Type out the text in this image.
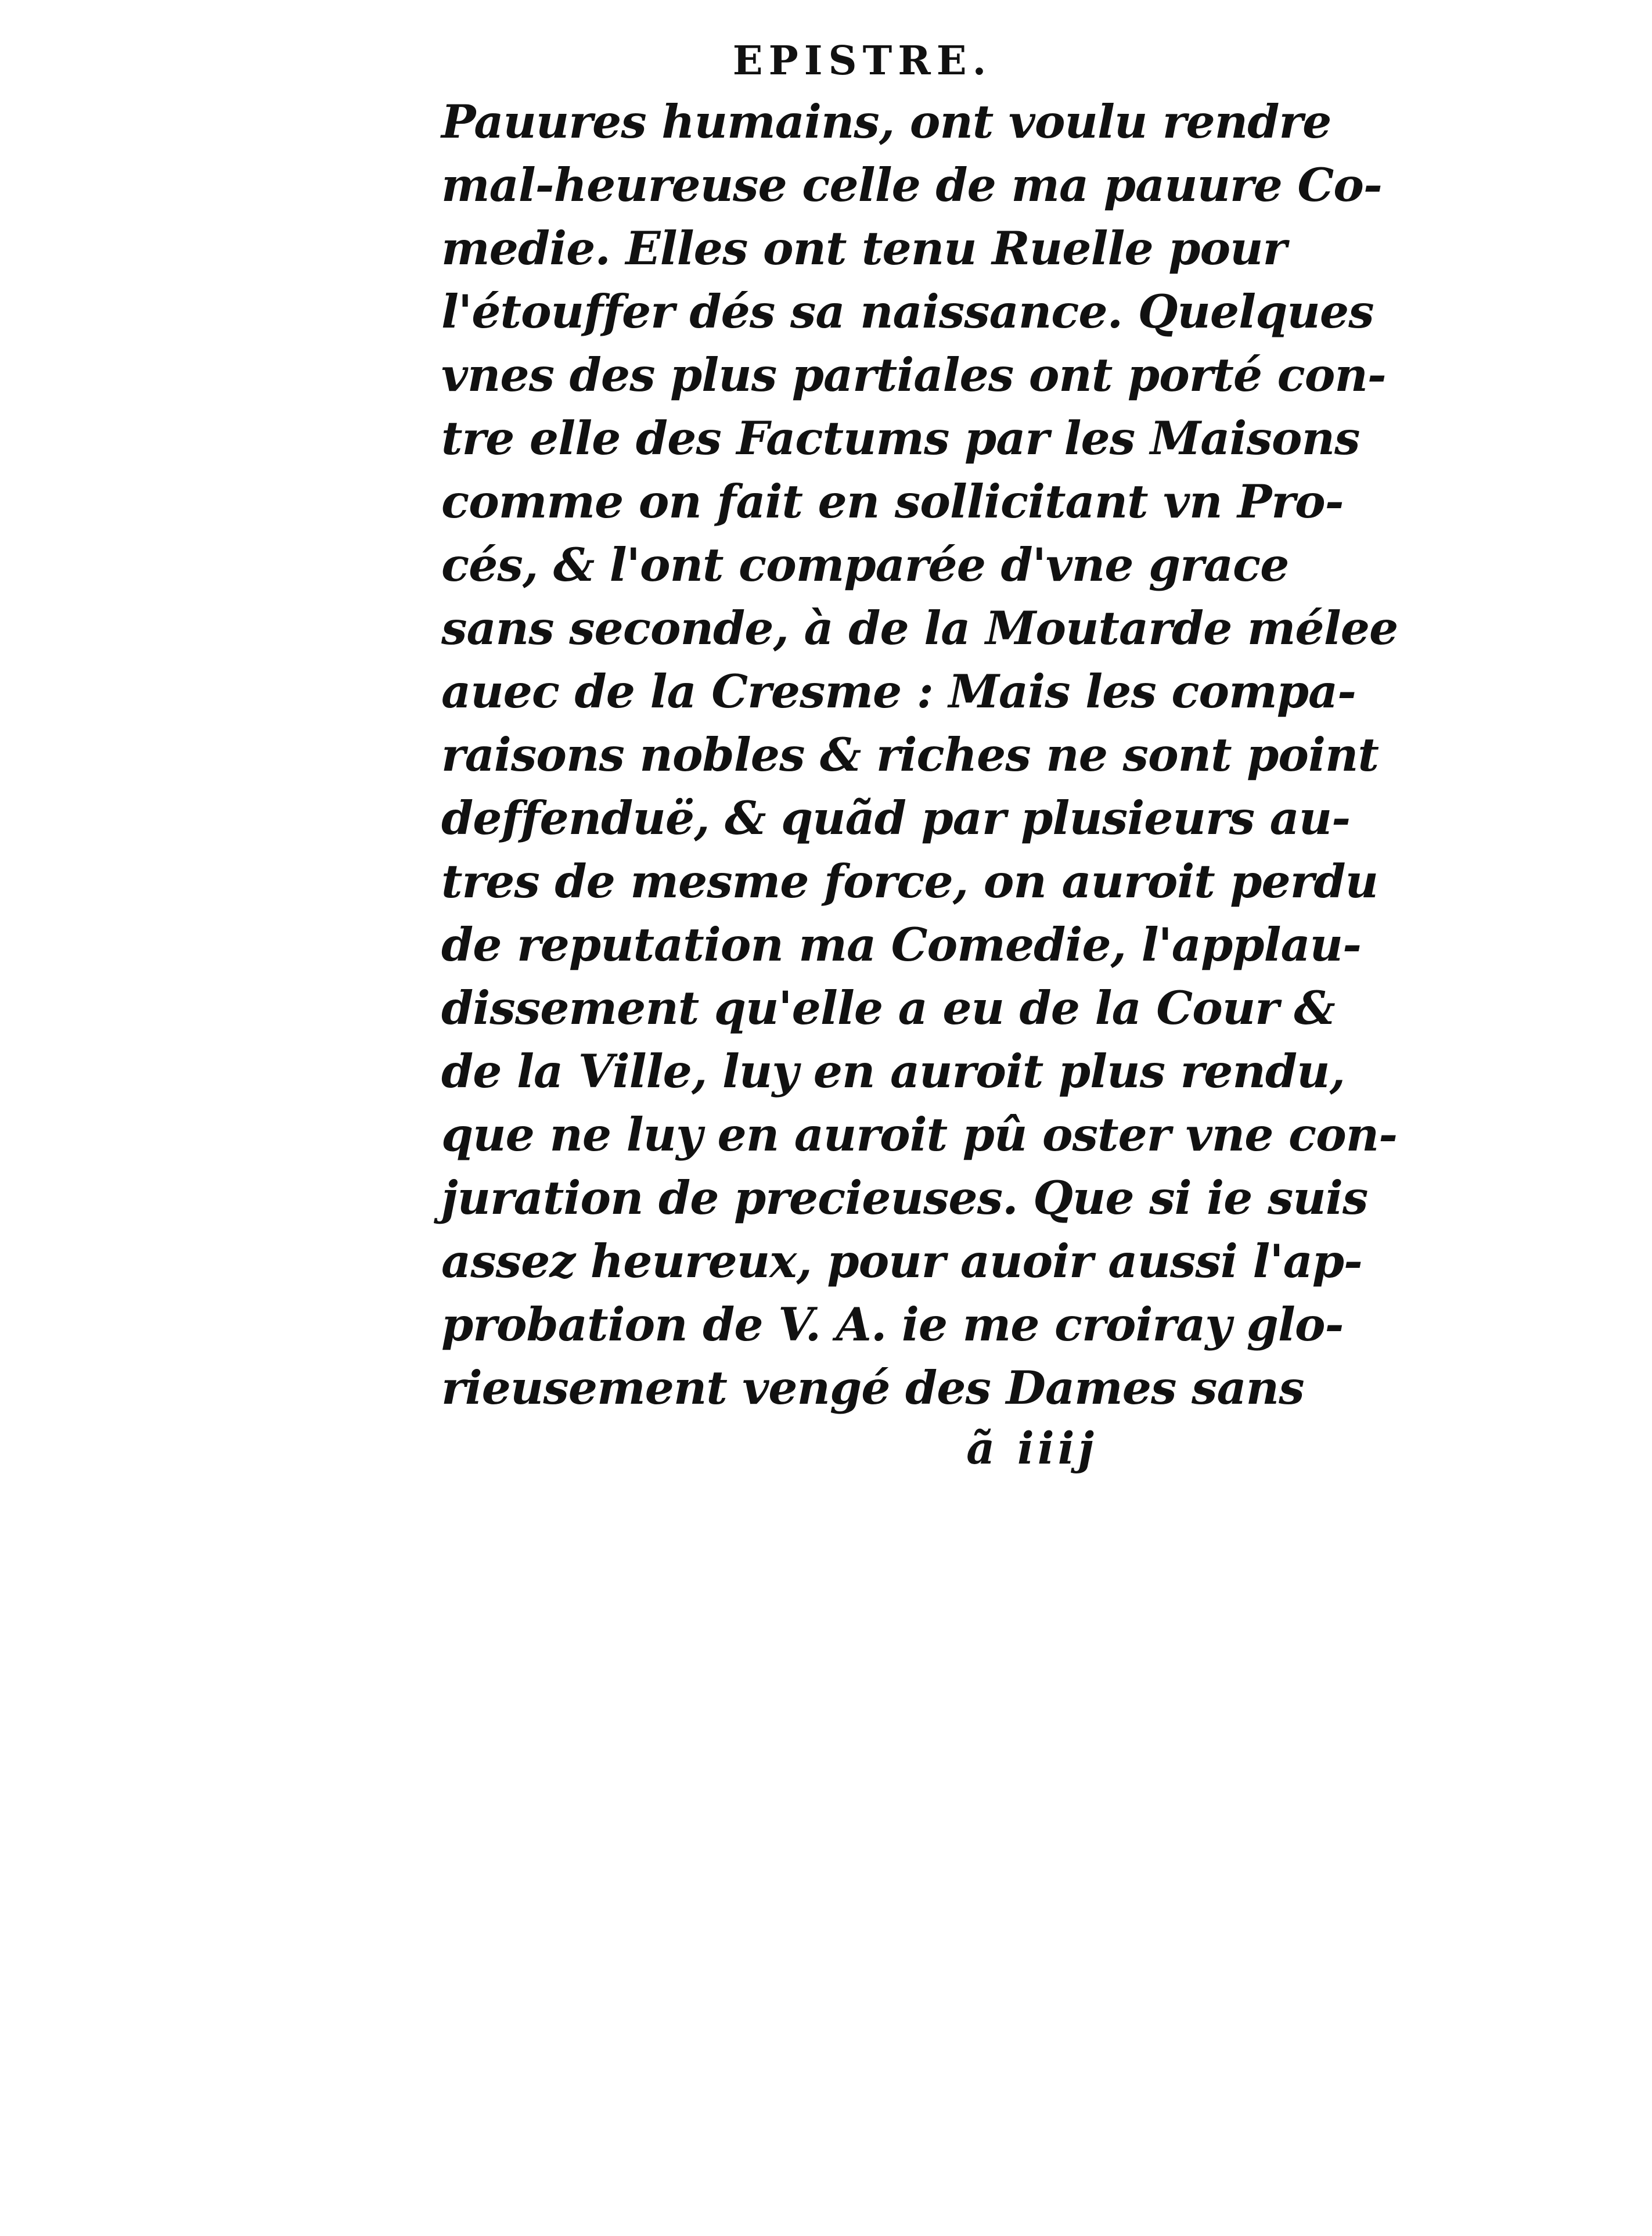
EPISTRE.
Pauures humains, ont voulu rendre
mal-heureuse celle de ma pauure Co-
medie. Elles ont tenu Ruelle pour
l'étouffer dés sa naissance. Quelques
vnes des plus partiales ont porté con-
tre elle des Factums par les Maisons
comme on fait en sollicitant vn Pro-
cés, & l'ont comparée d'vne grace
sans seconde, à de la Moutarde mélee
auec de la Cresme : Mais les compa-
raisons nobles & riches ne sont point
deffenduë, & quãd par plusieurs au-
tres de mesme force, on auroit perdu
de reputation ma Comedie, l'applau-
dissement qu'elle a eu de la Cour &
de la Ville, luy en auroit plus rendu,
que ne luy en auroit pû oster vne con-
juration de precieuses. Que si ie suis
assez heureux, pour auoir aussi l'ap-
probation de V. A. ie me croiray glo-
rieusement vengé des Dames sans
ã iiij
